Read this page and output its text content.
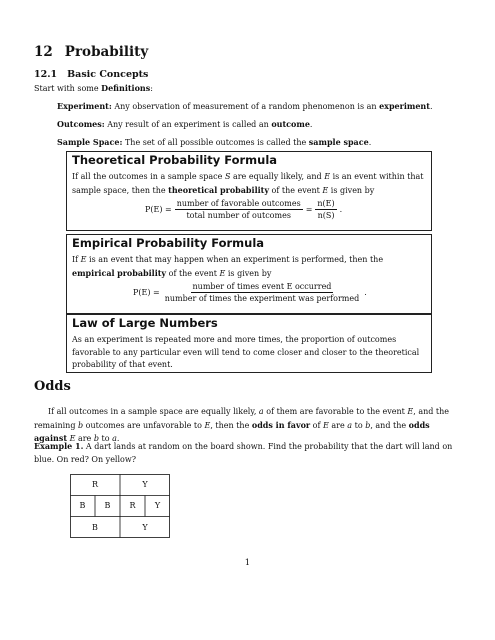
12 Probability
12.1 Basic Concepts
Start with some Definitions:
Experiment: Any observation of measurement of a random phenomenon is an experiment.
Outcomes: Any result of an experiment is called an outcome.
Sample Space: The set of all possible outcomes is called the sample space.
Theoretical Probability Formula
If all the outcomes in a sample space S are equally likely, and E is an event within that sample space, then the theoretical probability of the event E is given by
$P(E) = \frac{\text{number of favorable outcomes}}{\text{total number of outcomes}} = \frac{n(E)}{n(S)}$ .
Empirical Probability Formula
If E is an event that may happen when an experiment is performed, then the empirical probability of the event E is given by
$P(E) = \frac{\text{number of times event E occurred}}{\text{number of times the experiment was performed}}$ .
Law of Large Numbers
As an experiment is repeated more and more times, the proportion of outcomes favorable to any particular even will tend to come closer and closer to the theoretical probability of that event.
Odds
If all outcomes in a sample space are equally likely, a of them are favorable to the event E, and the remaining b outcomes are unfavorable to E, then the odds in favor of E are a to b, and the odds against E are b to a.
Example 1. A dart lands at random on the board shown. Find the probability that the dart will land on blue. On red? On yellow?
R	Y
B	B	R	Y
B	Y
1
